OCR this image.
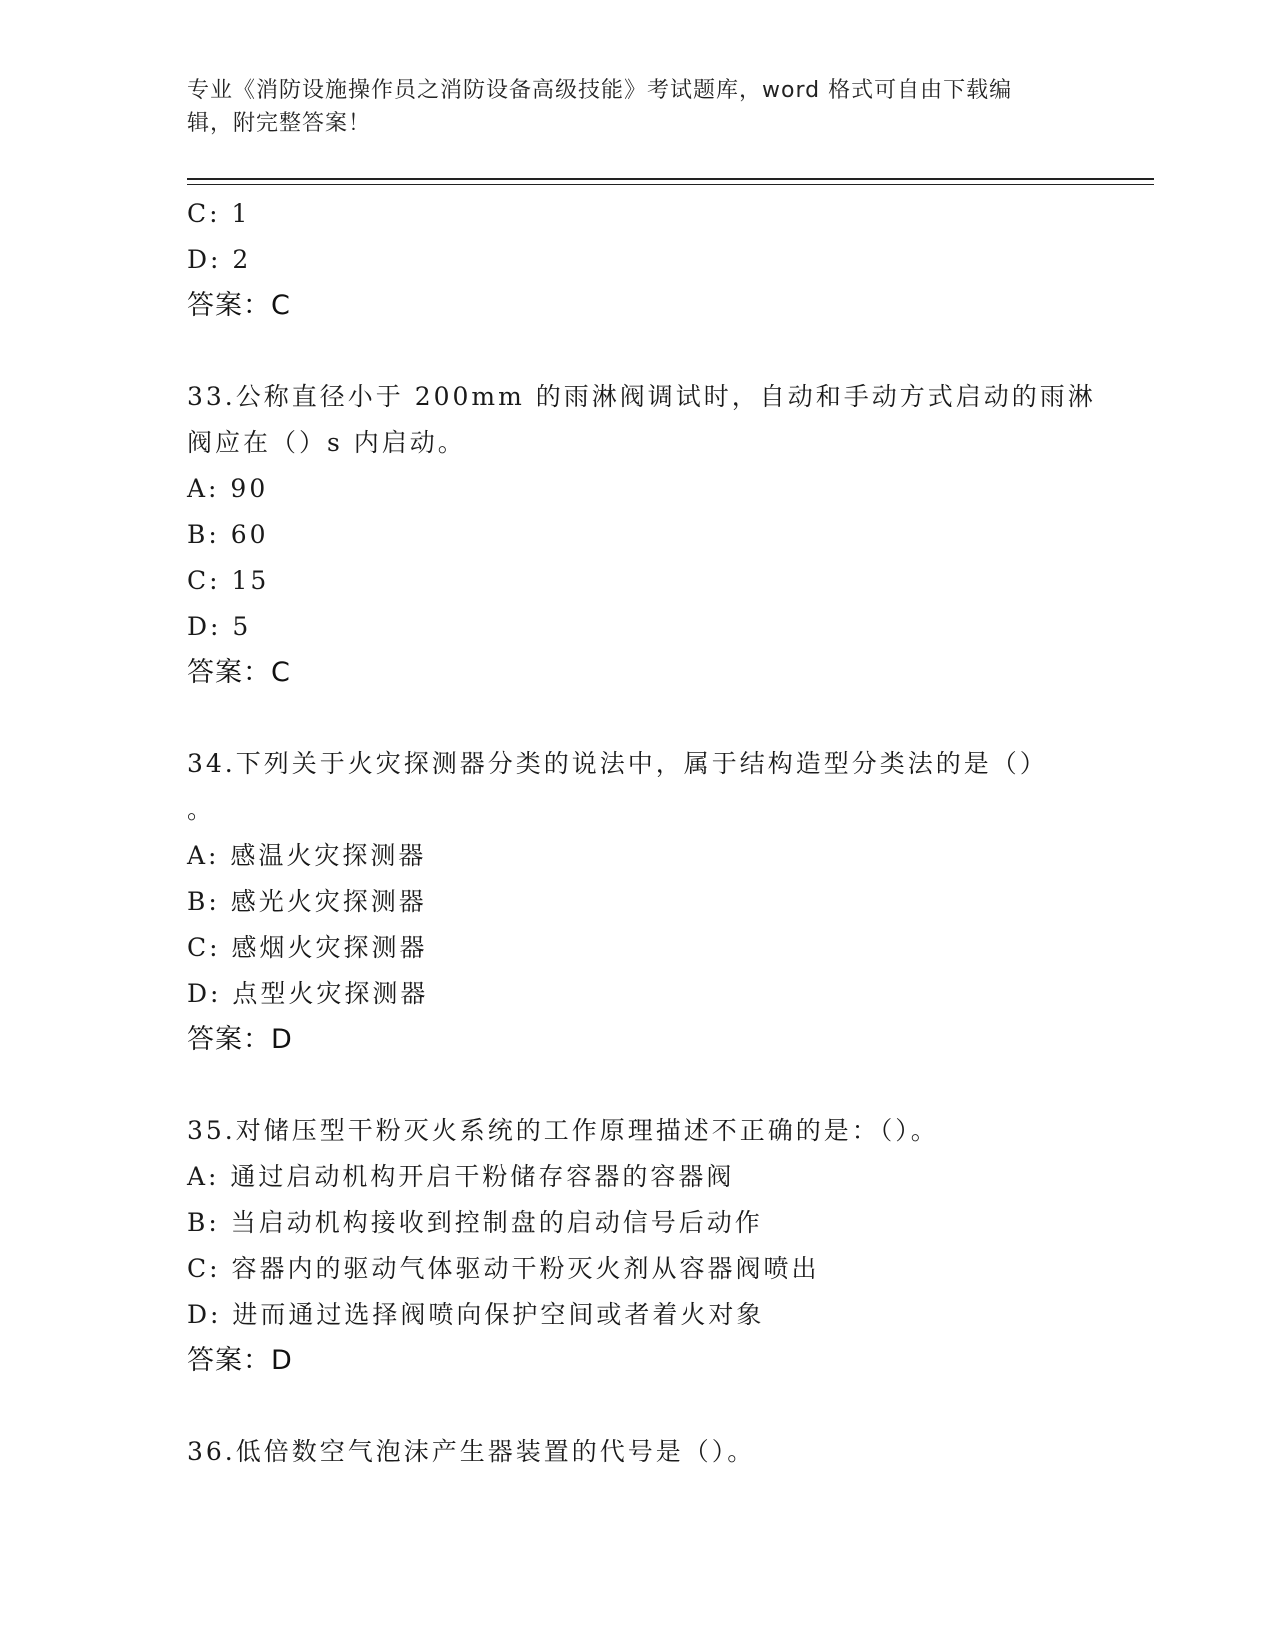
专业《消防设施操作员之消防设备高级技能》考试题库，word 格式可自由下载编
辑，附完整答案！
C: 1
D: 2
答案：C
33.公称直径小于 200mm 的雨淋阀调试时，自动和手动方式启动的雨淋
阀应在（）s 内启动。
A: 90
B: 60
C: 15
D: 5
答案：C
34.下列关于火灾探测器分类的说法中，属于结构造型分类法的是（）
。
A: 感温火灾探测器
B: 感光火灾探测器
C: 感烟火灾探测器
D: 点型火灾探测器
答案：D
35.对储压型干粉灭火系统的工作原理描述不正确的是：（）。
A: 通过启动机构开启干粉储存容器的容器阀
B: 当启动机构接收到控制盘的启动信号后动作
C: 容器内的驱动气体驱动干粉灭火剂从容器阀喷出
D: 进而通过选择阀喷向保护空间或者着火对象
答案：D
36.低倍数空气泡沫产生器装置的代号是（）。
